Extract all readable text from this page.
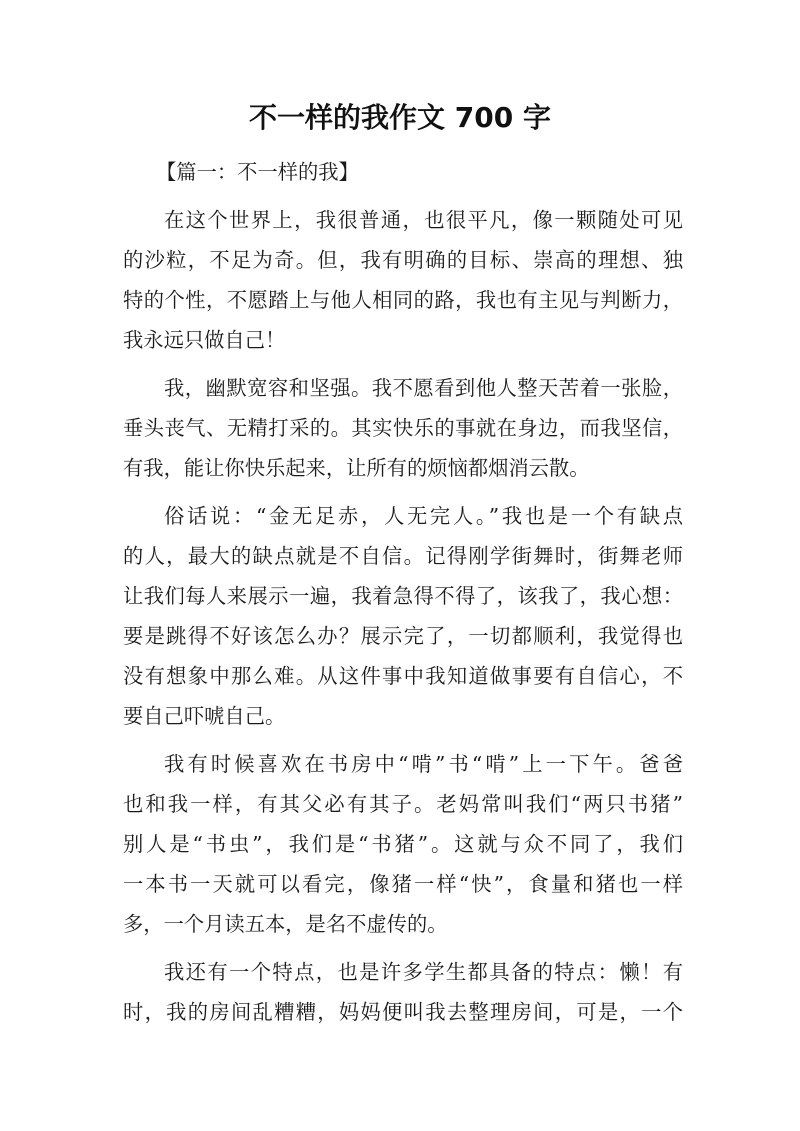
不一样的我作文 700 字
【篇一：不一样的我】
在这个世界上，我很普通，也很平凡，像一颗随处可见
的沙粒，不足为奇。但，我有明确的目标、崇高的理想、独
特的个性，不愿踏上与他人相同的路，我也有主见与判断力，
我永远只做自己！
我，幽默宽容和坚强。我不愿看到他人整天苦着一张脸，
垂头丧气、无精打采的。其实快乐的事就在身边，而我坚信，
有我，能让你快乐起来，让所有的烦恼都烟消云散。
俗话说：“金无足赤，人无完人。”我也是一个有缺点
的人，最大的缺点就是不自信。记得刚学街舞时，街舞老师
让我们每人来展示一遍，我着急得不得了，该我了，我心想：
要是跳得不好该怎么办？展示完了，一切都顺利，我觉得也
没有想象中那么难。从这件事中我知道做事要有自信心，不
要自己吓唬自己。
我有时候喜欢在书房中“啃”书“啃”上一下午。爸爸
也和我一样，有其父必有其子。老妈常叫我们“两只书猪”
别人是“书虫”，我们是“书猪”。这就与众不同了，我们
一本书一天就可以看完，像猪一样“快”，食量和猪也一样
多，一个月读五本，是名不虚传的。
我还有一个特点，也是许多学生都具备的特点：懒！有
时，我的房间乱糟糟，妈妈便叫我去整理房间，可是，一个
